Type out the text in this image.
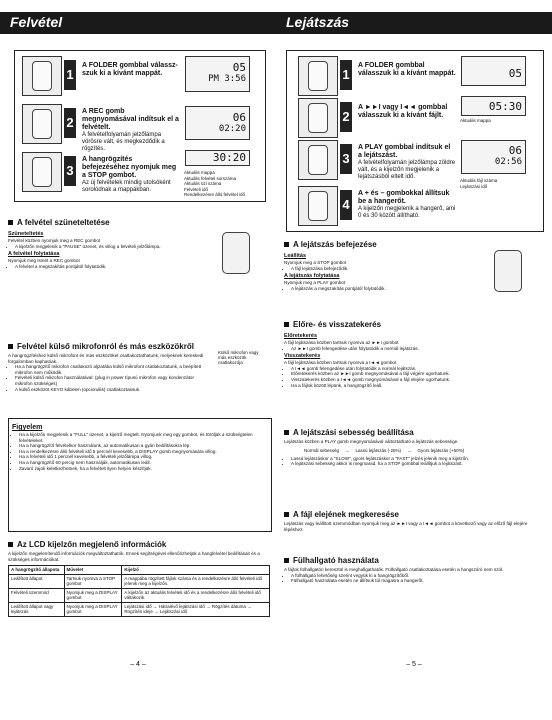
Felvétel
1
A FOLDER gombbal válassz-szuk ki a kívánt mappát.	05
PM 3:56
2
A REC gomb megnyomásával indítsuk el a felvételt.
A felvételfolyamán jelzőlámpa vörösre vált, és megkezdődik a rögzítés.
06
02:20
3
A hangrögzítés befejezéséhez nyomjuk meg a STOP gombot.
Az új felvételek mindig utolsóként sorolódnak a mappákban.
30:20
Aktuális mappa
Aktuális felvétel sorszáma
Aktuális üzi száma
Felvételi idő
Rendelkezésre álló felvétel idő
A felvétel szüneteltetése
Szüneteltetés

Felvétel közben nyomjuk meg a REC gombot

• A kijelzőn megjelenik a "PAUSE" üzenet, és villog a felvételi jelzőlámpa.
A felvétel folytatása

Nyomjuk meg ismét a REC gombot

• A felvétel a megszakítás pontjától folytatódik.
Felvétel külső mikrofonról és más eszközökről

A hangrögzítéshez külső mikrofont és más eszközöket csatlakoztathatunk, melyeknek kereskedi forgalomban kaphatóak.

• Ha a hangrögzítő mikrofon csatlakozó aljzatába külső mikrofont csatlakoztatunk, a beépített mikrofon nem működik.
• Felvételi külső mikrofon használatával: (plug in power típusú mikrofon vagy kondenzátor mikrofon szükséges)
• A külső eszközöt KEYO kábelen (opcionális) csatlakoztassuk.
Külső mikrofon vagy más eszközök csatlakozója
Figyelem
• Ha a kijelzőn megjelenik a "FULL" üzenet, a kijelző megtelt. Nyomjunk meg egy gombot, és töröljük a szükségtelen felvételeket.
• Ha a hangrögzítő felvételkor használunk, az automatikusan a gyári beállításokra lép.
• Ha a rendelkezésre álló felvételi idő 5 percnél kevesebb, a DISPLAY gomb megnyomására villog.
• Ha a felvételi idő 1 percnél kevesebb, a felvételi jelzőlámpa villog.
• Ha a hangrögzítő 60 percig nem használják, automatikusan leáll.
• Zavaró zajok keletkezhetnek, ha a felvételt ilyen helyen készítjük.
Az LCD kijelzőn megjelenő információk

A kijelzőn megjelenítendő információk megváltoztathatók. Ennek segítségével ellenőrizhetjük a hangfelvétel beállításait és a szükséges információkat.

A hangrögzítő állapota	Művelet	Kijelző
Leállított állapot	Tartsuk nyomva a STOP gombot	A mappába rögzített fájlok száma és a rendelkezésre álló felvételi idő jelenik meg a kijelzőn.
Felvételi üzemmód	Nyomjuk meg a DISPLAY gombot	A kijelzőn az aktuális felvételi idő és a rendelkezésre álló felvételi idő váltakozik.
Leállított állapot vagy lejátszás	Nyomjuk meg a DISPLAY gombot	Lejátszási idő → Hátralévő lejátszási idő → Rögzítés dátuma → Rögzítés ideje → Lejátszási idő
– 4 –
Lejátszás
1
A FOLDER gombbal válasszuk ki a kívánt mappát.	05
2
A ►►I vagy I◄◄ gombbal válasszuk ki a kívánt fájlt.
05:30
Aktuális mappa
3
A PLAY gombbal indítsuk el a lejátszást.
A felvételfolyamán jelzőlámpa zöldre vált, és a kijelzőn megjelenik a lejátszásból eltelt idő.
06
02:56
Aktuális fájl száma
Lejátszási idő
4
A + és – gombokkal állítsuk be a hangerőt.
A kijelzőn megjelenik a hangerő, ami 0 és 30 között állítható.
A lejátszás befejezése
Leállítás

Nyomjuk meg a STOP gombot

• A fájl lejátszása befejeződik.
A lejátszás folytatása

Nyomjuk meg a PLAY gombot

• A lejátszás a megszakítás pontjától folytatódik.
Előre- és visszatekerés
Előretekerés

A fájl lejátszása közben tartsuk nyomva az ►►I gombot

• Az ►►I gomb felengedése után folytatódik a normál lejátszás.
Visszatekerés

A fájl lejátszása közben tartsuk nyomva a I◄◄ gombot

• A I◄◄ gomb felengedése után folytatódik a normál lejátszás.
• Előretekerés közben az ►►I gomb megnyomásával a fájl végére ugorhatunk.
• Visszatekerés közben a I◄◄ gomb megnyomásával a fájl elejére ugorhatunk.
• Ha a fájlok között lépünk, a hangrögzítő leáll.
A lejátszási sebesség beállítása

Lejátszás közben a PLAY gomb megnyomásával változtatható a lejátszás sebessége.

Normál sebesség → Lassú lejátszás (-25%) → Gyors lejátszás (+50%)
• Lassú lejátszáskor a "SLOW", gyors lejátszáskor a "FAST" jelzés jelenik meg a kijelzőn.
• A lejátszási sebesség akkor is megmarad, ha a STOP gombbal leállítjuk a lejátszást.
A fájl elejének megkeresése

Lejátszás vagy leállított üzemmódban nyomjuk meg az ►►I vagy a I◄◄ gombot a következő vagy az előző fájl elejére lépéshez.

Fülhallgató használata

A fájlok fülhallgatón keresztül is meghallgathatók. Fülhallgató csatlakoztatása esetén a hangszóró nem szól.

• A fülhallgató lehetőség szerint vegyük ki a hangrögzítőből.
• Fülhallgató használata esetén ne állítsuk túl magasra a hangerőt.
– 5 –
